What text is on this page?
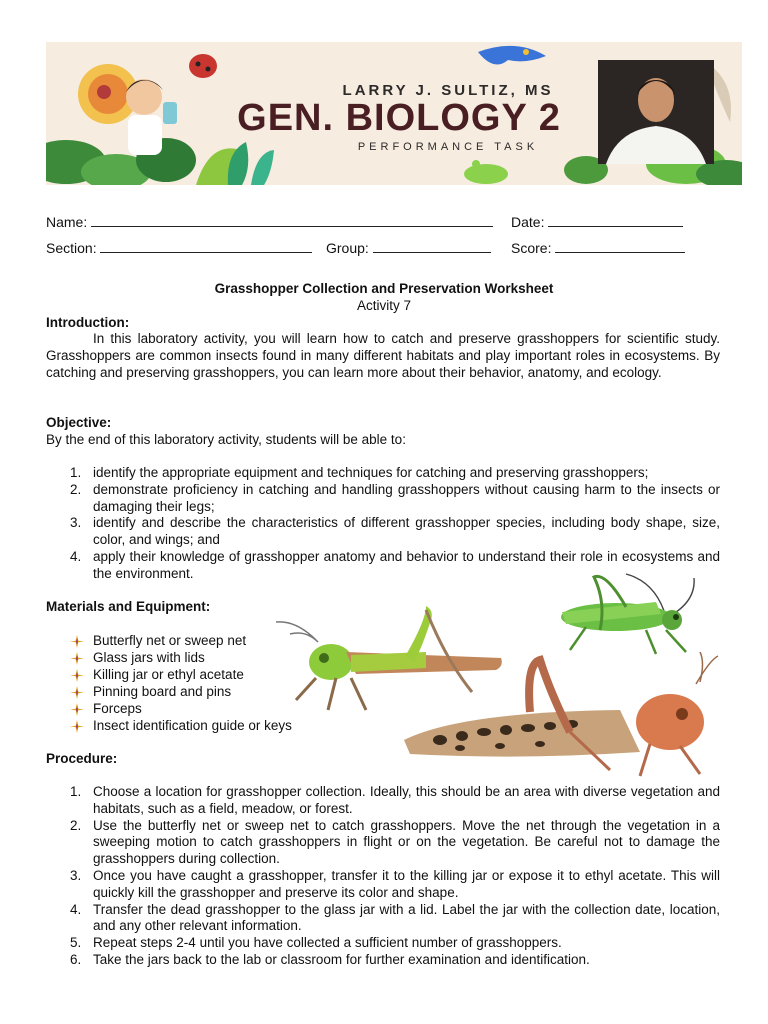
LARRY J. SULTIZ, MS
GEN. BIOLOGY 2
PERFORMANCE TASK
Name:	Date:
Section:	Group:	Score:
Grasshopper Collection and Preservation Worksheet
Activity 7
Introduction:

In this laboratory activity, you will learn how to catch and preserve grasshoppers for scientific study. Grasshoppers are common insects found in many different habitats and play important roles in ecosystems. By catching and preserving grasshoppers, you can learn more about their behavior, anatomy, and ecology.

Objective:
By the end of this laboratory activity, students will be able to:
1. identify the appropriate equipment and techniques for catching and preserving grasshoppers;
2. demonstrate proficiency in catching and handling grasshoppers without causing harm to the insects or damaging their legs;
3. identify and describe the characteristics of different grasshopper species, including body shape, size, color, and wings; and
4. apply their knowledge of grasshopper anatomy and behavior to understand their role in ecosystems and the environment.
Materials and Equipment:
Butterfly net or sweep net
Glass jars with lids
Killing jar or ethyl acetate
Pinning board and pins
Forceps
Insect identification guide or keys
Procedure:
1. Choose a location for grasshopper collection. Ideally, this should be an area with diverse vegetation and habitats, such as a field, meadow, or forest.
2. Use the butterfly net or sweep net to catch grasshoppers. Move the net through the vegetation in a sweeping motion to catch grasshoppers in flight or on the vegetation. Be careful not to damage the grasshoppers during collection.
3. Once you have caught a grasshopper, transfer it to the killing jar or expose it to ethyl acetate. This will quickly kill the grasshopper and preserve its color and shape.
4. Transfer the dead grasshopper to the glass jar with a lid. Label the jar with the collection date, location, and any other relevant information.
5. Repeat steps 2-4 until you have collected a sufficient number of grasshoppers.
6. Take the jars back to the lab or classroom for further examination and identification.
